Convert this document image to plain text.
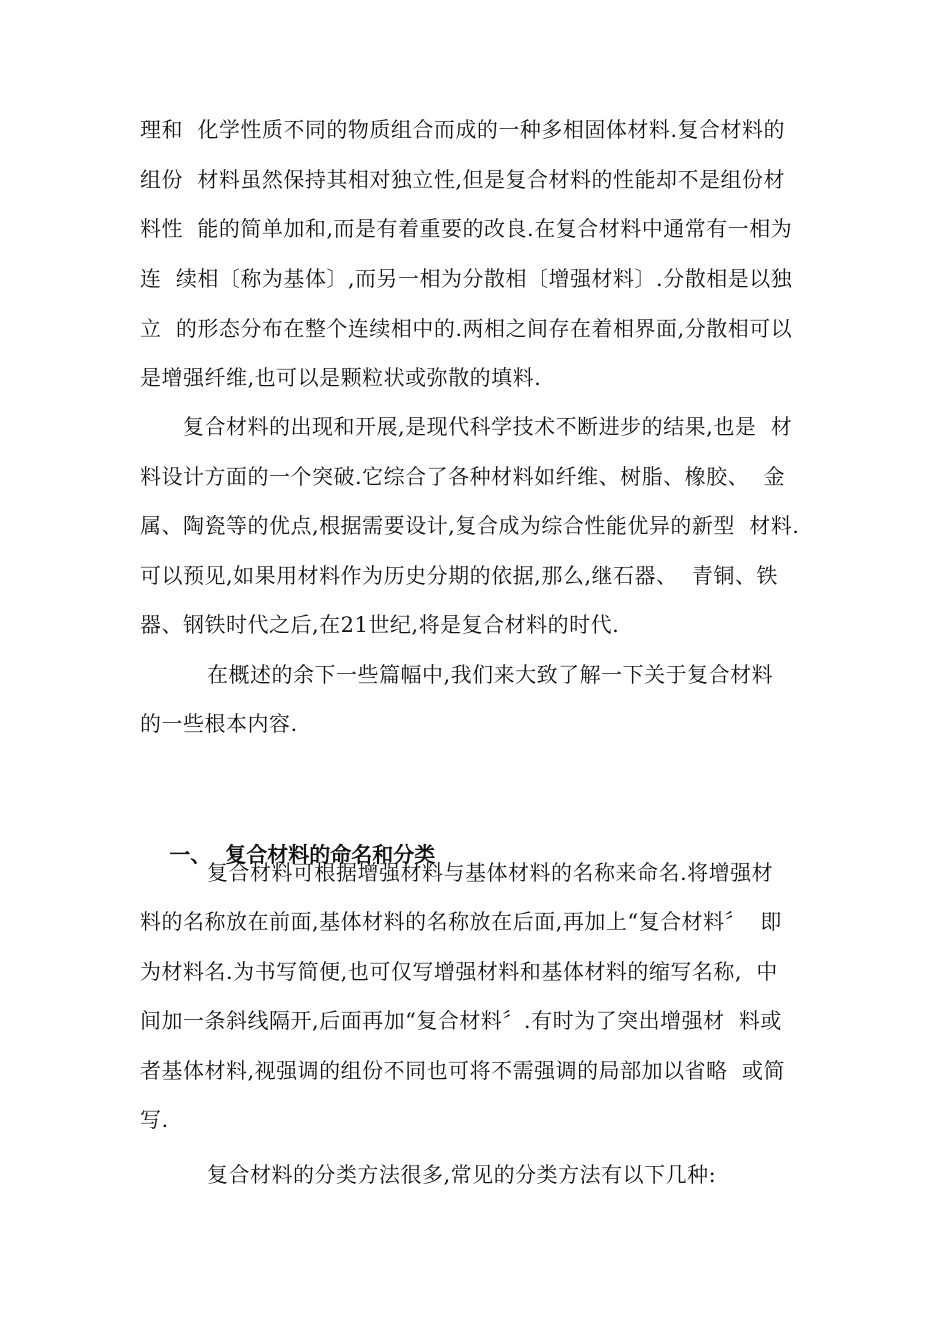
理和  化学性质不同的物质组合而成的一种多相固体材料.复合材料的
组份  材料虽然保持其相对独立性,但是复合材料的性能却不是组份材
料性  能的简单加和,而是有着重要的改良.在复合材料中通常有一相为
连  续相〔称为基体〕,而另一相为分散相〔增强材料〕.分散相是以独
立  的形态分布在整个连续相中的.两相之间存在着相界面,分散相可以
是增强纤维,也可以是颗粒状或弥散的填料.
复合材料的出现和开展,是现代科学技术不断进步的结果,也是  材
料设计方面的一个突破.它综合了各种材料如纤维、树脂、橡胶、  金
属、陶瓷等的优点,根据需要设计,复合成为综合性能优异的新型  材料.
可以预见,如果用材料作为历史分期的依据,那么,继石器、  青铜、铁
器、钢铁时代之后,在21世纪,将是复合材料的时代.
在概述的余下一些篇幅中,我们来大致了解一下关于复合材料
的一些根本内容.

一、 复合材料的命名和分类

复合材料可根据增强材料与基体材料的名称来命名.将增强材
料的名称放在前面,基体材料的名称放在后面,再加上“复合材料〞  即
为材料名.为书写简便,也可仅写增强材料和基体材料的缩写名称,  中
间加一条斜线隔开,后面再加“复合材料〞.有时为了突出增强材  料或
者基体材料,视强调的组份不同也可将不需强调的局部加以省略  或简
写.
复合材料的分类方法很多,常见的分类方法有以下几种:
